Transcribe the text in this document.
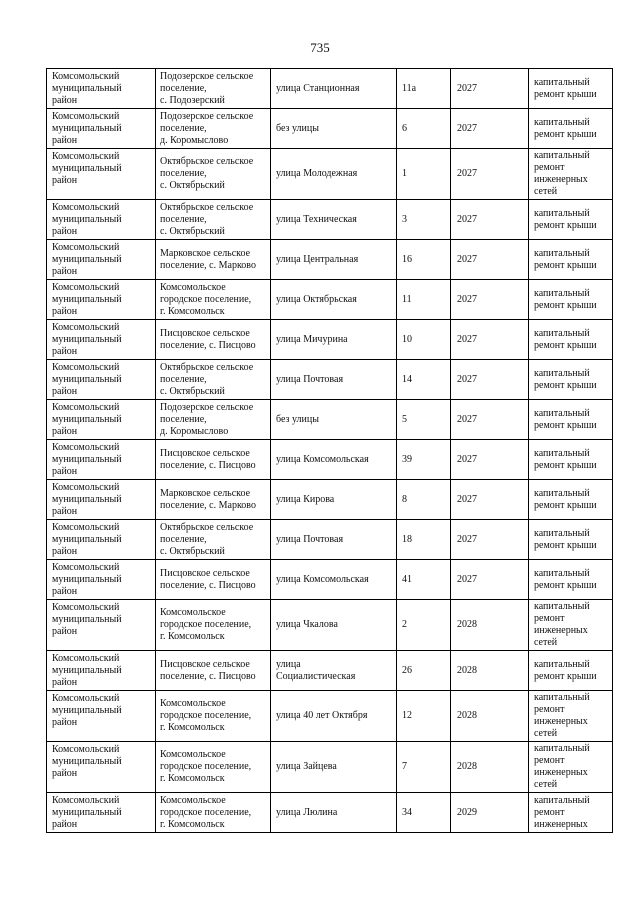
735
Комсомольский
муниципальный
район	Подозерское сельское
поселение,
с. Подозерский	улица Станционная	11а	2027	капитальный
ремонт крыши
Комсомольский
муниципальный
район	Подозерское сельское
поселение,
д. Коромыслово	без улицы	6	2027	капитальный
ремонт крыши
Комсомольский
муниципальный
район	Октябрьское сельское
поселение,
с. Октябрьский	улица Молодежная	1	2027	капитальный
ремонт
инженерных
сетей
Комсомольский
муниципальный
район	Октябрьское сельское
поселение,
с. Октябрьский	улица Техническая	3	2027	капитальный
ремонт крыши
Комсомольский
муниципальный
район	Марковское сельское
поселение, с. Марково	улица Центральная	16	2027	капитальный
ремонт крыши
Комсомольский
муниципальный
район	Комсомольское
городское поселение,
г. Комсомольск	улица Октябрьская	11	2027	капитальный
ремонт крыши
Комсомольский
муниципальный
район	Писцовское сельское
поселение, с. Писцово	улица Мичурина	10	2027	капитальный
ремонт крыши
Комсомольский
муниципальный
район	Октябрьское сельское
поселение,
с. Октябрьский	улица Почтовая	14	2027	капитальный
ремонт крыши
Комсомольский
муниципальный
район	Подозерское сельское
поселение,
д. Коромыслово	без улицы	5	2027	капитальный
ремонт крыши
Комсомольский
муниципальный
район	Писцовское сельское
поселение, с. Писцово	улица Комсомольская	39	2027	капитальный
ремонт крыши
Комсомольский
муниципальный
район	Марковское сельское
поселение, с. Марково	улица Кирова	8	2027	капитальный
ремонт крыши
Комсомольский
муниципальный
район	Октябрьское сельское
поселение,
с. Октябрьский	улица Почтовая	18	2027	капитальный
ремонт крыши
Комсомольский
муниципальный
район	Писцовское сельское
поселение, с. Писцово	улица Комсомольская	41	2027	капитальный
ремонт крыши
Комсомольский
муниципальный
район	Комсомольское
городское поселение,
г. Комсомольск	улица Чкалова	2	2028	капитальный
ремонт
инженерных
сетей
Комсомольский
муниципальный
район	Писцовское сельское
поселение, с. Писцово	улица
Социалистическая	26	2028	капитальный
ремонт крыши
Комсомольский
муниципальный
район	Комсомольское
городское поселение,
г. Комсомольск	улица 40 лет Октября	12	2028	капитальный
ремонт
инженерных
сетей
Комсомольский
муниципальный
район	Комсомольское
городское поселение,
г. Комсомольск	улица Зайцева	7	2028	капитальный
ремонт
инженерных
сетей
Комсомольский
муниципальный
район	Комсомольское
городское поселение,
г. Комсомольск	улица Люлина	34	2029	капитальный
ремонт
инженерных
